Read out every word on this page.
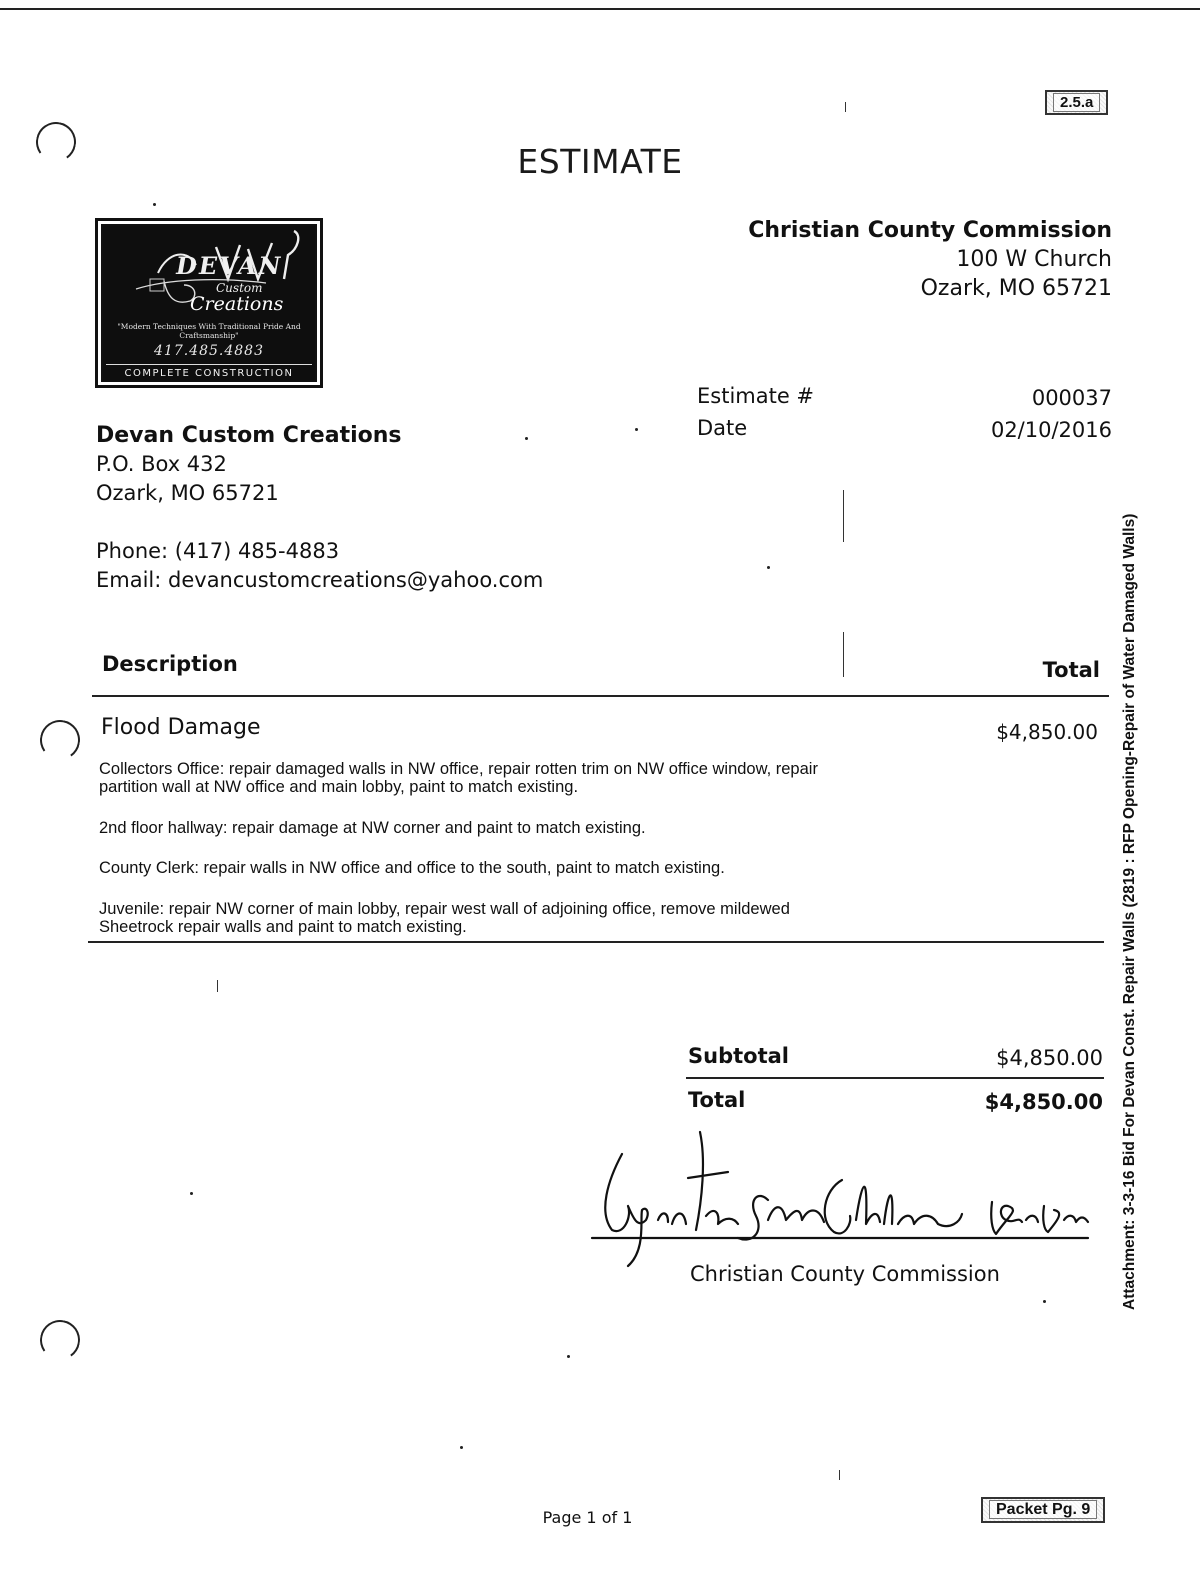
2.5.a
ESTIMATE
DEVAN
Custom
Creations
"Modern Techniques With Traditional Pride And Craftsmanship"
417.485.4883
COMPLETE CONSTRUCTION
Christian County Commission
100 W Church
Ozark, MO 65721
Estimate #	000037
Date	02/10/2016
Devan Custom Creations
P.O. Box 432
Ozark, MO 65721
Phone: (417) 485-4883
Email: devancustomcreations@yahoo.com
Description	Total
Flood Damage	$4,850.00
Collectors Office: repair damaged walls in NW office, repair rotten trim on NW office window, repair
partition wall at NW office and main lobby, paint to match existing.
2nd floor hallway: repair damage at NW corner and paint to match existing.
County Clerk: repair walls in NW office and office to the south, paint to match existing.
Juvenile: repair NW corner of main lobby, repair west wall of adjoining office, remove mildewed
Sheetrock repair walls and paint to match existing.
Subtotal	$4,850.00
Total	$4,850.00
Christian County Commission	Attachment: 3-3-16 Bid For Devan Const. Repair Walls (2819 : RFP Opening-Repair of Water Damaged Walls)
Page 1 of 1	Packet Pg. 9
